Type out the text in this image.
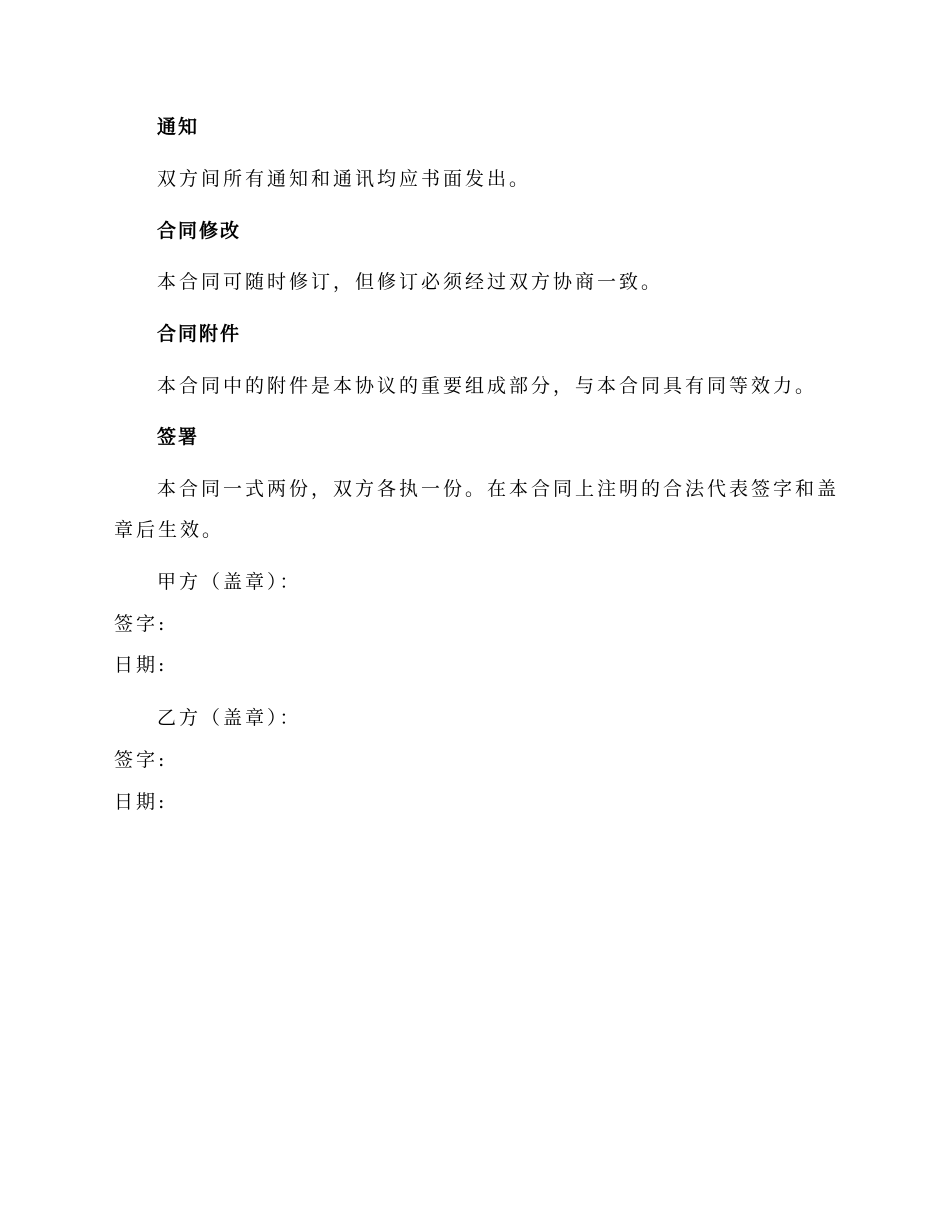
通知
双方间所有通知和通讯均应书面发出。
合同修改
本合同可随时修订，但修订必须经过双方协商一致。
合同附件
本合同中的附件是本协议的重要组成部分，与本合同具有同等效力。
签署
本合同一式两份，双方各执一份。在本合同上注明的合法代表签字和盖
章后生效。
甲方（盖章）：
签字:
日期:
乙方（盖章）：
签字:
日期:
